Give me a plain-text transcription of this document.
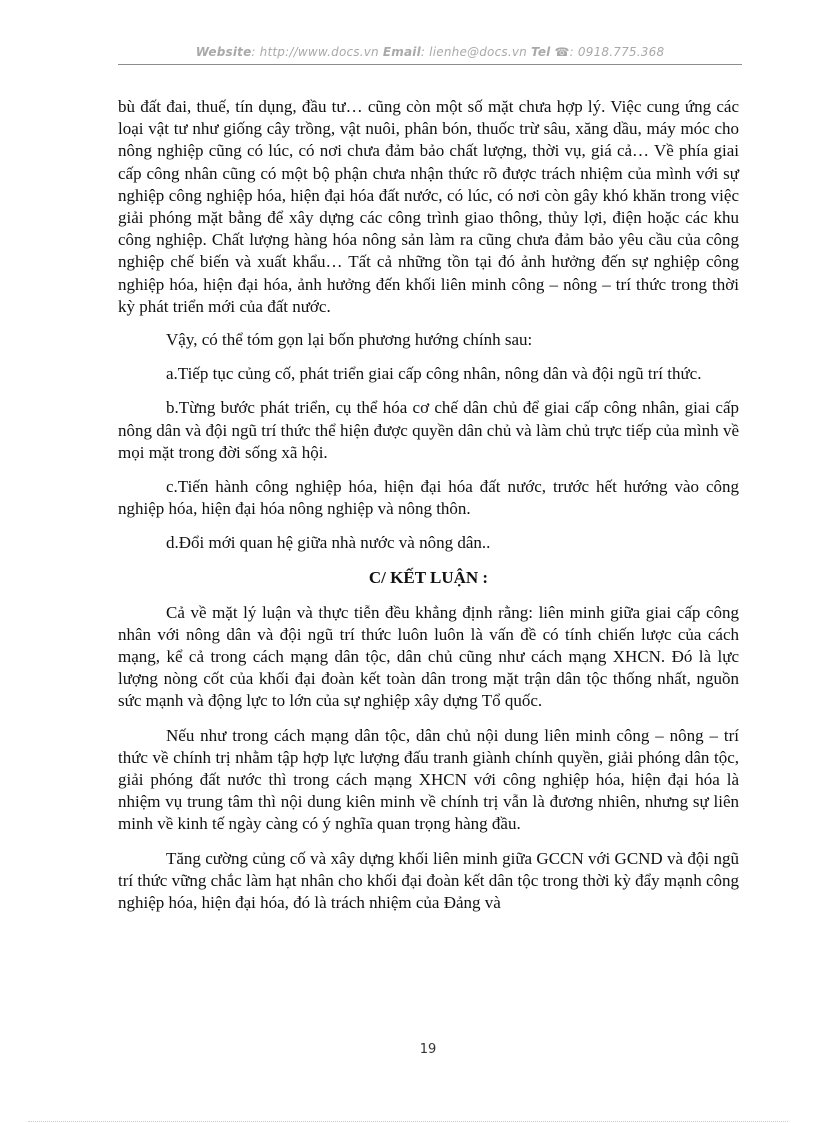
Website: http://www.docs.vn Email: lienhe@docs.vn Tel ☎: 0918.775.368

bù đất đai, thuế, tín dụng, đầu tư… cũng còn một số mặt chưa hợp lý. Việc cung ứng các loại vật tư như giống cây trồng, vật nuôi, phân bón, thuốc trừ sâu, xăng dầu, máy móc cho nông nghiệp cũng có lúc, có nơi chưa đảm bảo chất lượng, thời vụ, giá cả… Về phía giai cấp công nhân cũng có một bộ phận chưa nhận thức rõ được trách nhiệm của mình với sự nghiệp công nghiệp hóa, hiện đại hóa đất nước, có lúc, có nơi còn gây khó khăn trong việc giải phóng mặt bằng để xây dựng các công trình giao thông, thủy lợi, điện hoặc các khu công nghiệp. Chất lượng hàng hóa nông sản làm ra cũng chưa đảm bảo yêu cầu của công nghiệp chế biến và xuất khẩu… Tất cả những tồn tại đó ảnh hưởng đến sự nghiệp công nghiệp hóa, hiện đại hóa, ảnh hưởng đến khối liên minh công – nông – trí thức trong thời kỳ phát triển mới của đất nước.

Vậy, có thể tóm gọn lại bốn phương hướng chính sau:

a.Tiếp tục củng cố, phát triển giai cấp công nhân, nông dân và đội ngũ trí thức.

b.Từng bước phát triển, cụ thể hóa cơ chế dân chủ để giai cấp công nhân, giai cấp nông dân và đội ngũ trí thức thể hiện được quyền dân chủ và làm chủ trực tiếp của mình về mọi mặt trong đời sống xã hội.

c.Tiến hành công nghiệp hóa, hiện đại hóa đất nước, trước hết hướng vào công nghiệp hóa, hiện đại hóa nông nghiệp và nông thôn.

d.Đổi mới quan hệ giữa nhà nước và nông dân..

C/ KẾT LUẬN :

Cả về mặt lý luận và thực tiễn đều khẳng định rằng: liên minh giữa giai cấp công nhân với nông dân và đội ngũ trí thức luôn luôn là vấn đề có tính chiến lược của cách mạng, kể cả trong cách mạng dân tộc, dân chủ cũng như cách mạng XHCN. Đó là lực lượng nòng cốt của khối đại đoàn kết toàn dân trong mặt trận dân tộc thống nhất, nguồn sức mạnh và động lực to lớn của sự nghiệp xây dựng Tổ quốc.

Nếu như trong cách mạng dân tộc, dân chủ nội dung liên minh công – nông – trí thức về chính trị nhằm tập hợp lực lượng đấu tranh giành chính quyền, giải phóng dân tộc, giải phóng đất nước thì trong cách mạng XHCN với công nghiệp hóa, hiện đại hóa là nhiệm vụ trung tâm thì nội dung kiên minh về chính trị vẫn là đương nhiên, nhưng sự liên minh về kinh tế ngày càng có ý nghĩa quan trọng hàng đầu.

Tăng cường củng cố và xây dựng khối liên minh giữa GCCN với GCND và đội ngũ trí thức vững chắc làm hạt nhân cho khối đại đoàn kết dân tộc trong thời kỳ đẩy mạnh công nghiệp hóa, hiện đại hóa, đó là trách nhiệm của Đảng và

19
